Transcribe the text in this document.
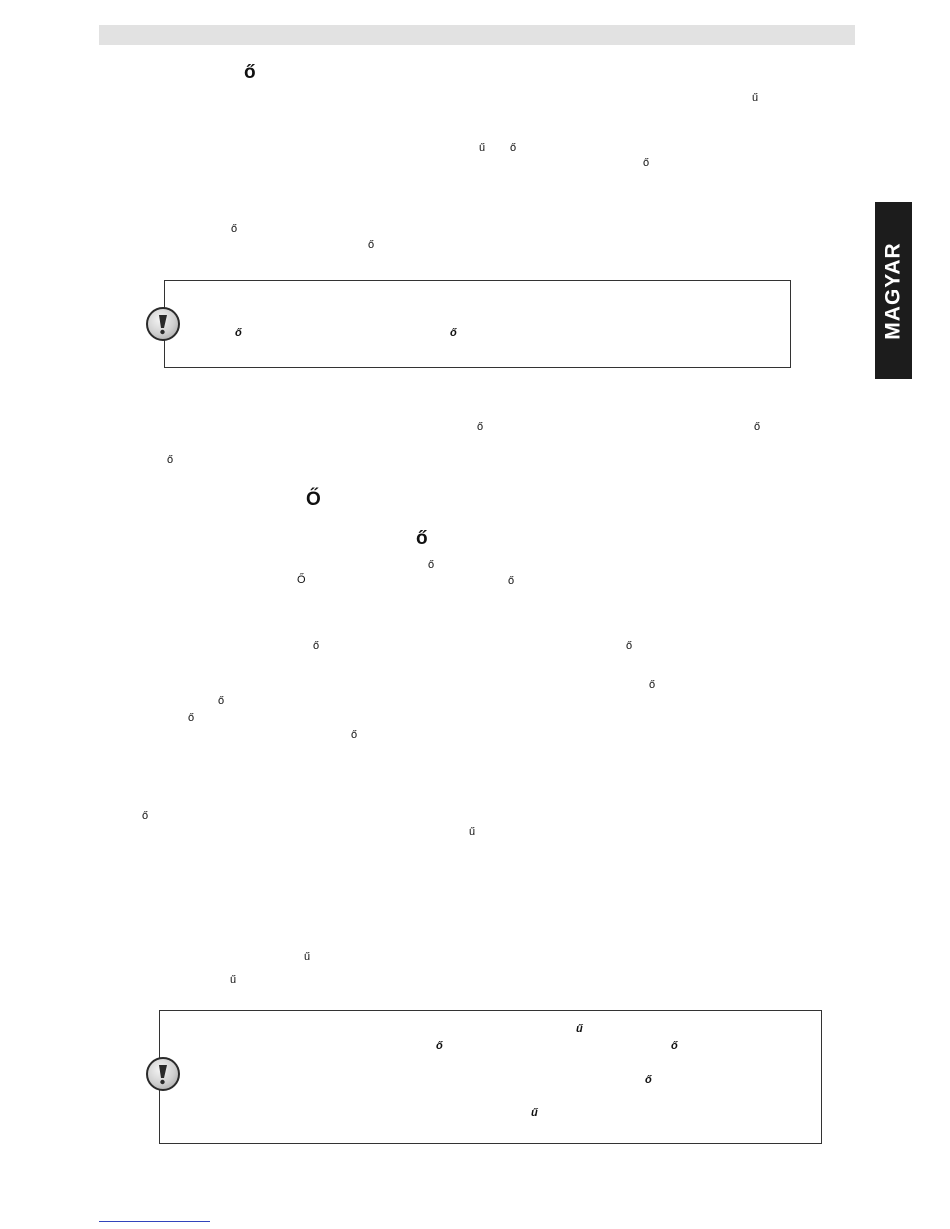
MAGYAR
ő
ű
ű ő
ő
ő
ő
ő	ő
ő	ő
ő
Ő
ő
ő
Ő	ő
ő	ő
ő
ő
ő
ő
ő
ű
ű
ű
ű
ő	ő
ő
ű
